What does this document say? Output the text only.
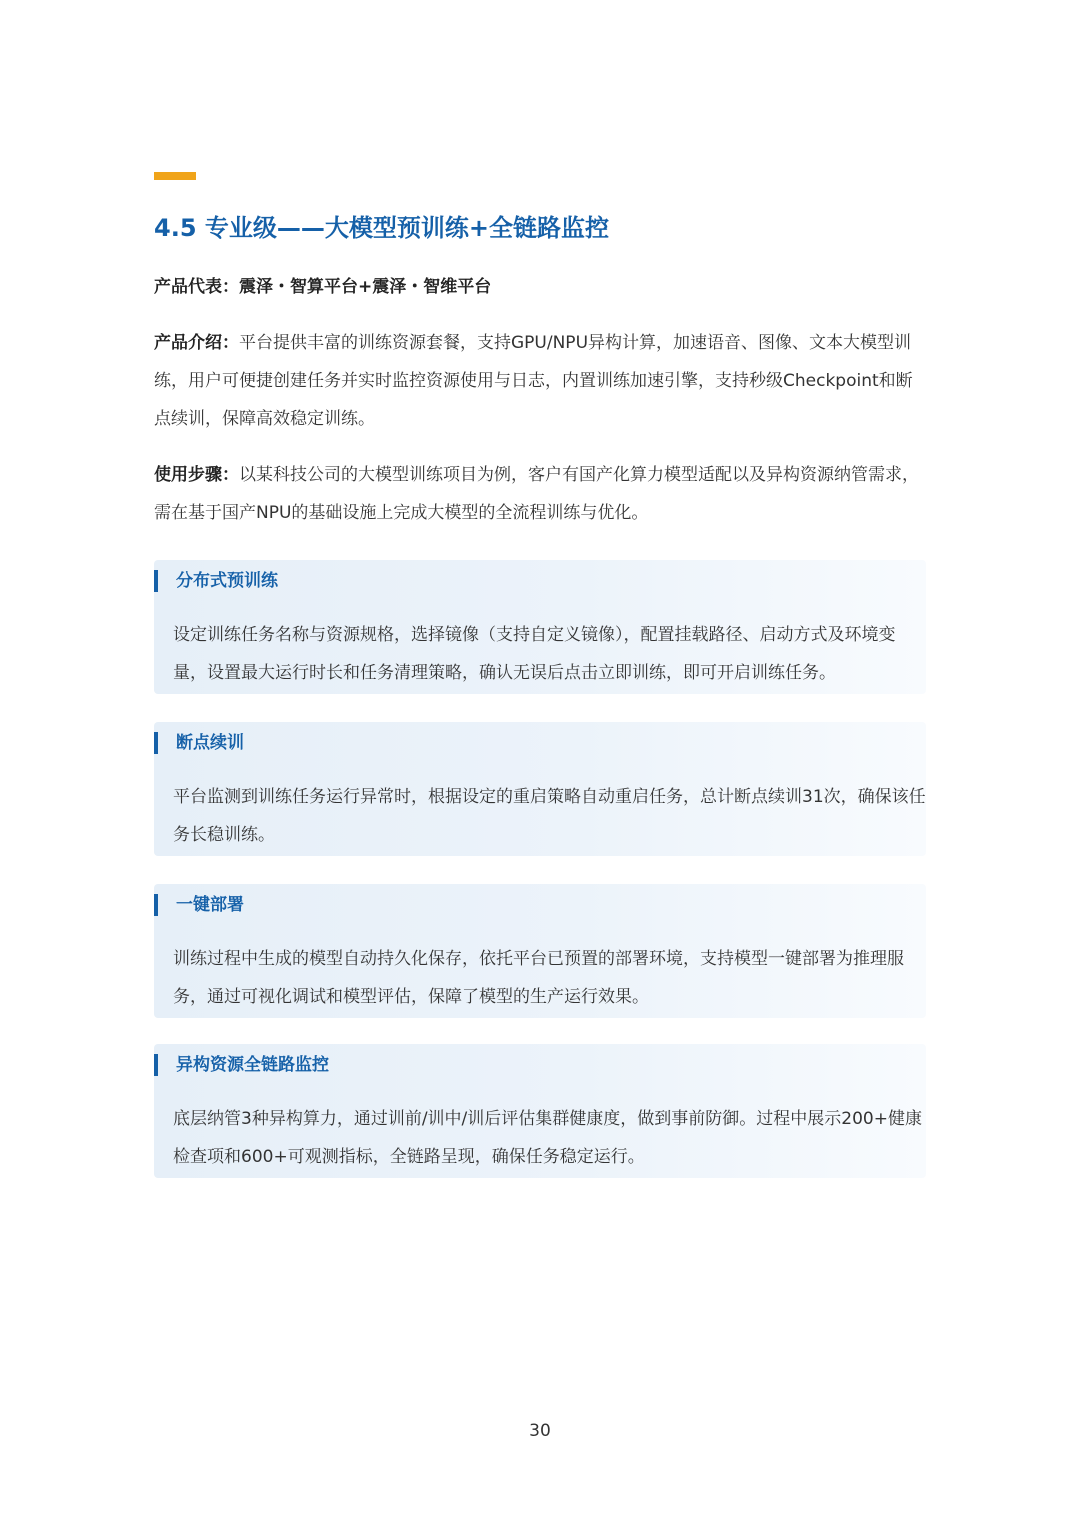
4.5 专业级——大模型预训练+全链路监控

产品代表：震泽・智算平台+震泽・智维平台

产品介绍：平台提供丰富的训练资源套餐，支持GPU/NPU异构计算，加速语音、图像、文本大模型训练，用户可便捷创建任务并实时监控资源使用与日志，内置训练加速引擎，支持秒级Checkpoint和断点续训，保障高效稳定训练。

使用步骤：以某科技公司的大模型训练项目为例，客户有国产化算力模型适配以及异构资源纳管需求，需在基于国产NPU的基础设施上完成大模型的全流程训练与优化。

分布式预训练

设定训练任务名称与资源规格，选择镜像（支持自定义镜像），配置挂载路径、启动方式及环境变量，设置最大运行时长和任务清理策略，确认无误后点击立即训练，即可开启训练任务。

断点续训

平台监测到训练任务运行异常时，根据设定的重启策略自动重启任务，总计断点续训31次，确保该任务长稳训练。

一键部署

训练过程中生成的模型自动持久化保存，依托平台已预置的部署环境，支持模型一键部署为推理服务，通过可视化调试和模型评估，保障了模型的生产运行效果。

异构资源全链路监控

底层纳管3种异构算力，通过训前/训中/训后评估集群健康度，做到事前防御。过程中展示200+健康检查项和600+可观测指标，全链路呈现，确保任务稳定运行。

30
